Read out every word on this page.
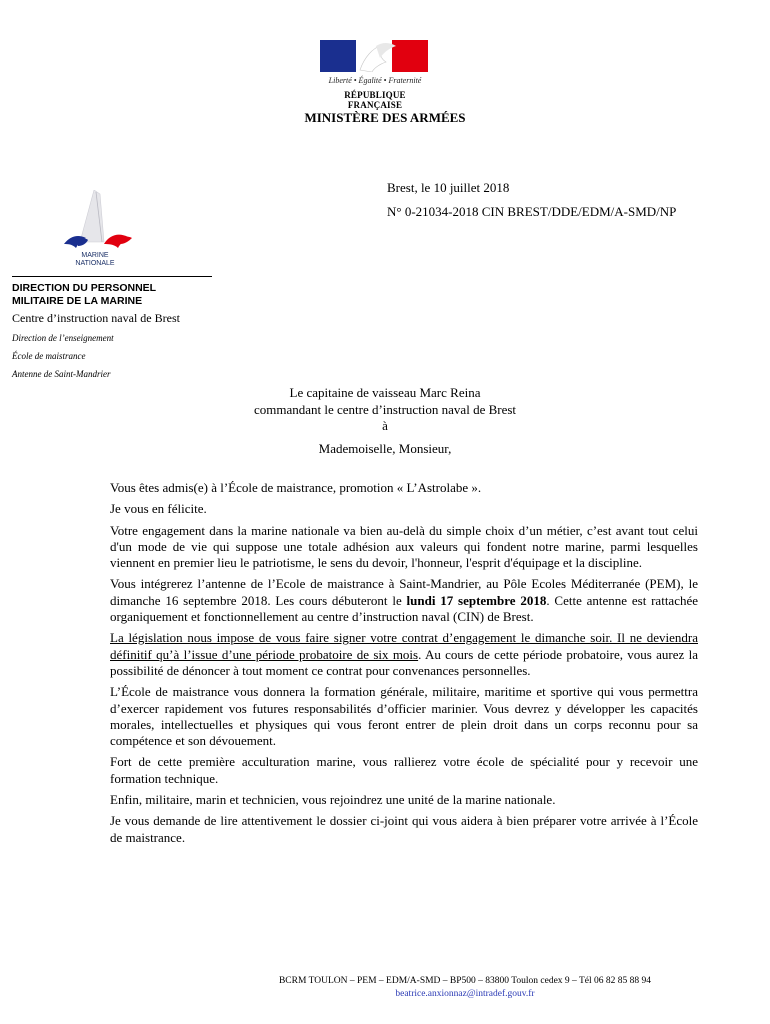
Liberté • Égalité • Fraternité
RÉPUBLIQUE FRANÇAISE
MINISTÈRE DES ARMÉES
Brest, le 10 juillet 2018
N° 0-21034-2018 CIN BREST/DDE/EDM/A-SMD/NP
MARINE
NATIONALE
DIRECTION DU PERSONNEL
MILITAIRE DE LA MARINE
Centre d’instruction naval de Brest
Direction de l’enseignement
École de maistrance
Antenne de Saint-Mandrier
Le capitaine de vaisseau Marc Reina
commandant le centre d’instruction naval de Brest
à
Mademoiselle, Monsieur,

Vous êtes admis(e) à l’École de maistrance, promotion « L’Astrolabe ».

Je vous en félicite.

Votre engagement dans la marine nationale va bien au-delà du simple choix d’un métier, c’est avant tout celui d'un mode de vie qui suppose une totale adhésion aux valeurs qui fondent notre marine, parmi lesquelles viennent en premier lieu le patriotisme, le sens du devoir, l'honneur, l'esprit d'équipage et la discipline.

Vous intégrerez l’antenne de l’Ecole de maistrance à Saint-Mandrier, au Pôle Ecoles Méditerranée (PEM), le dimanche 16 septembre 2018. Les cours débuteront le lundi 17 septembre 2018. Cette antenne est rattachée organiquement et fonctionnellement au centre d’instruction naval (CIN) de Brest.

La législation nous impose de vous faire signer votre contrat d’engagement le dimanche soir. Il ne deviendra définitif qu’à l’issue d’une période probatoire de six mois. Au cours de cette période probatoire, vous aurez la possibilité de dénoncer à tout moment ce contrat pour convenances personnelles.

L’École de maistrance vous donnera la formation générale, militaire, maritime et sportive qui vous permettra d’exercer rapidement vos futures responsabilités d’officier marinier. Vous devrez y développer les capacités morales, intellectuelles et physiques qui vous feront entrer de plein droit dans un corps reconnu pour sa compétence et son dévouement.

Fort de cette première acculturation marine, vous rallierez votre école de spécialité pour y recevoir une formation technique.

Enfin, militaire, marin et technicien, vous rejoindrez une unité de la marine nationale.

Je vous demande de lire attentivement le dossier ci-joint qui vous aidera à bien préparer votre arrivée à l’École de maistrance.

BCRM TOULON – PEM – EDM/A-SMD – BP500 – 83800 Toulon cedex 9 – Tél 06 82 85 88 94
beatrice.anxionnaz@intradef.gouv.fr
